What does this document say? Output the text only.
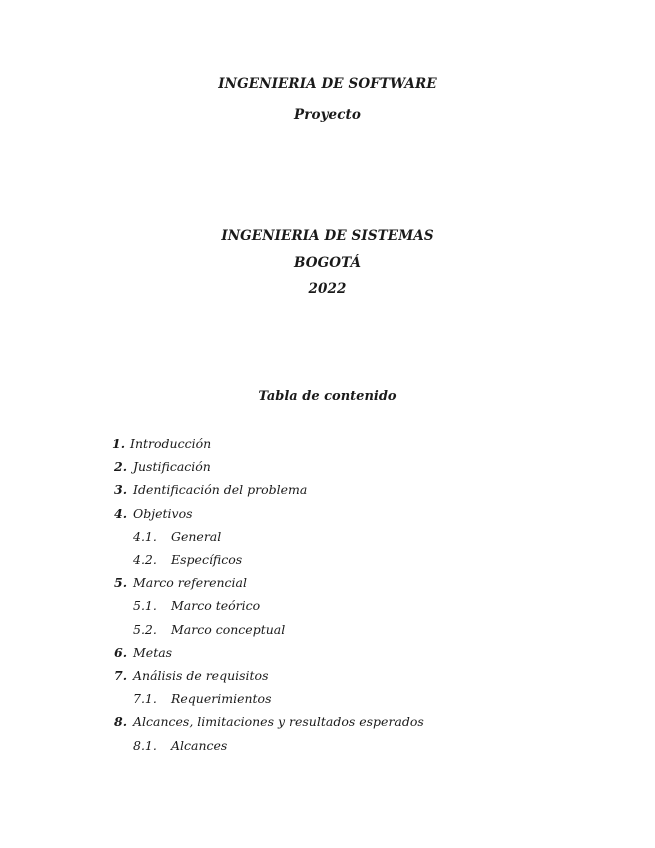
INGENIERIA DE SOFTWARE
Proyecto
INGENIERIA DE SISTEMAS
BOGOTÁ
2022
Tabla de contenido
1. Introducción
2. Justificación
3. Identificación del problema
4. Objetivos
4.1. General
4.2. Específicos
5. Marco referencial
5.1. Marco teórico
5.2. Marco conceptual
6. Metas
7. Análisis de requisitos
7.1. Requerimientos
8. Alcances, limitaciones y resultados esperados
8.1. Alcances
